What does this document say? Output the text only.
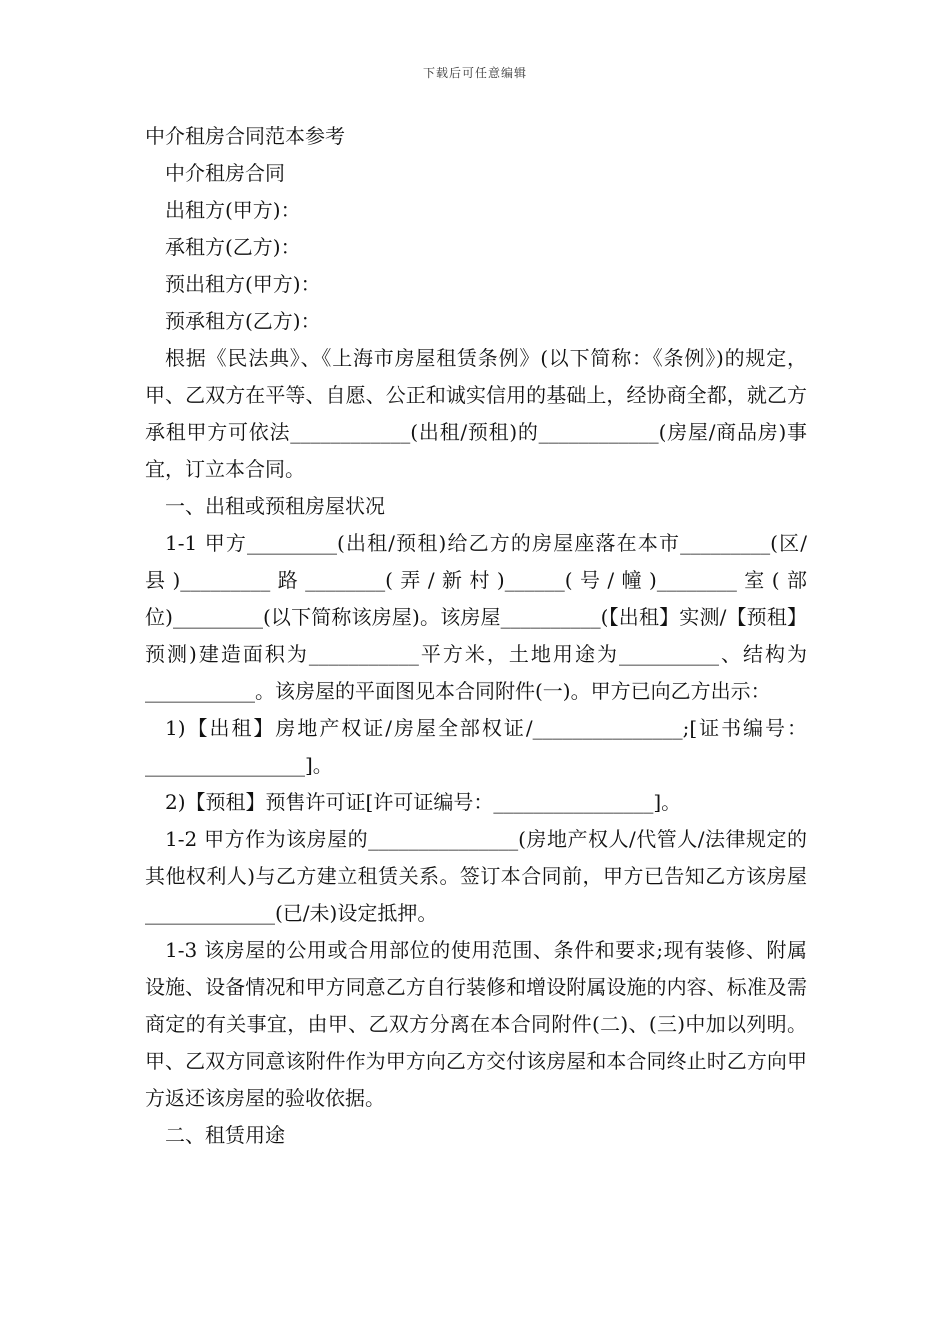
下载后可任意编辑

中介租房合同范本参考

中介租房合同

出租方(甲方)：

承租方(乙方)：

预出租方(甲方)：

预承租方(乙方)：

根据《民法典》、《上海市房屋租赁条例》(以下简称：《条例》)的规定，甲、乙双方在平等、自愿、公正和诚实信用的基础上，经协商全都，就乙方承租甲方可依法____________(出租/预租)的____________(房屋/商品房)事宜，订立本合同。

一、出租或预租房屋状况

1-1 甲方_________(出租/预租)给乙方的房屋座落在本市_________(区/县)_________路________(弄/新村)______(号/幢)________室(部位)_________(以下简称该房屋)。该房屋__________(【出租】实测/【预租】预测)建造面积为___________平方米，土地用途为__________、结构为___________。该房屋的平面图见本合同附件(一)。甲方已向乙方出示：

1)【出租】房地产权证/房屋全部权证/_______________;[证书编号：________________]。

2)【预租】预售许可证[许可证编号：________________]。

1-2 甲方作为该房屋的_______________(房地产权人/代管人/法律规定的其他权利人)与乙方建立租赁关系。签订本合同前，甲方已告知乙方该房屋_____________(已/未)设定抵押。

1-3 该房屋的公用或合用部位的使用范围、条件和要求;现有装修、附属设施、设备情况和甲方同意乙方自行装修和增设附属设施的内容、标准及需商定的有关事宜，由甲、乙双方分离在本合同附件(二)、(三)中加以列明。甲、乙双方同意该附件作为甲方向乙方交付该房屋和本合同终止时乙方向甲方返还该房屋的验收依据。

二、租赁用途
